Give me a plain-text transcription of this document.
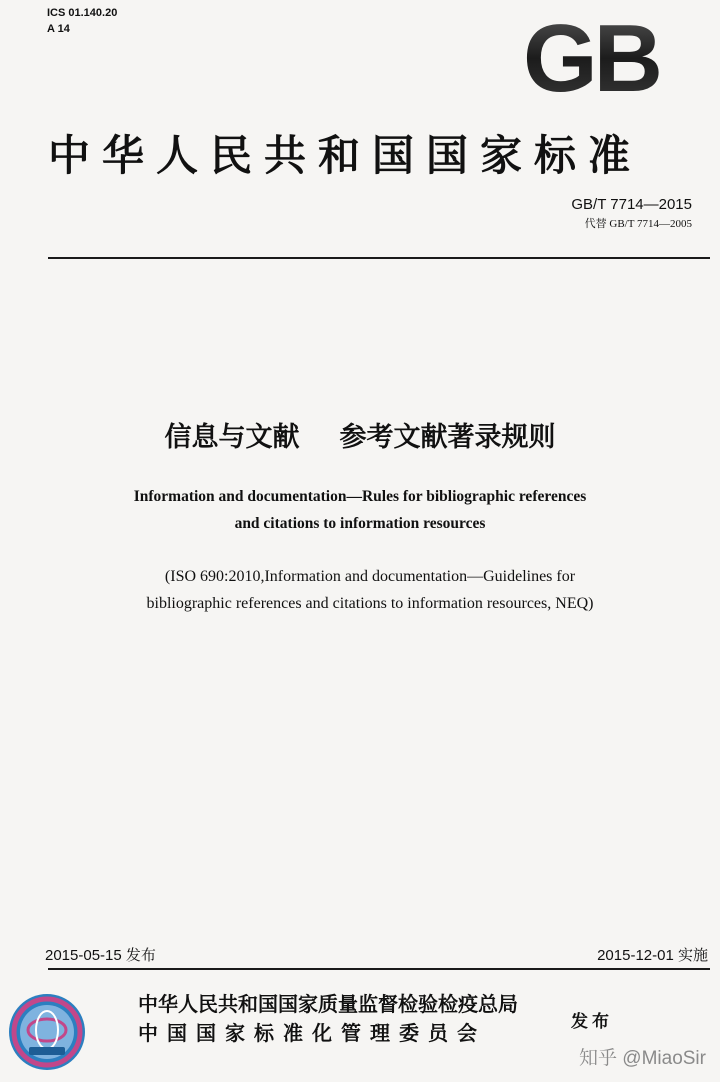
ICS 01.140.20
A 14	GB
中华人民共和国国家标准
GB/T 7714—2015
代替 GB/T 7714—2005
信息与文献 参考文献著录规则
Information and documentation—Rules for bibliographic references
and citations to information resources
(ISO 690:2010,Information and documentation—Guidelines for
bibliographic references and citations to information resources, NEQ)
2015-05-15 发布	2015-12-01 实施
中华人民共和国国家质量监督检验检疫总局
中国国家标准化管理委员会	发布
知乎 @MiaoSir
